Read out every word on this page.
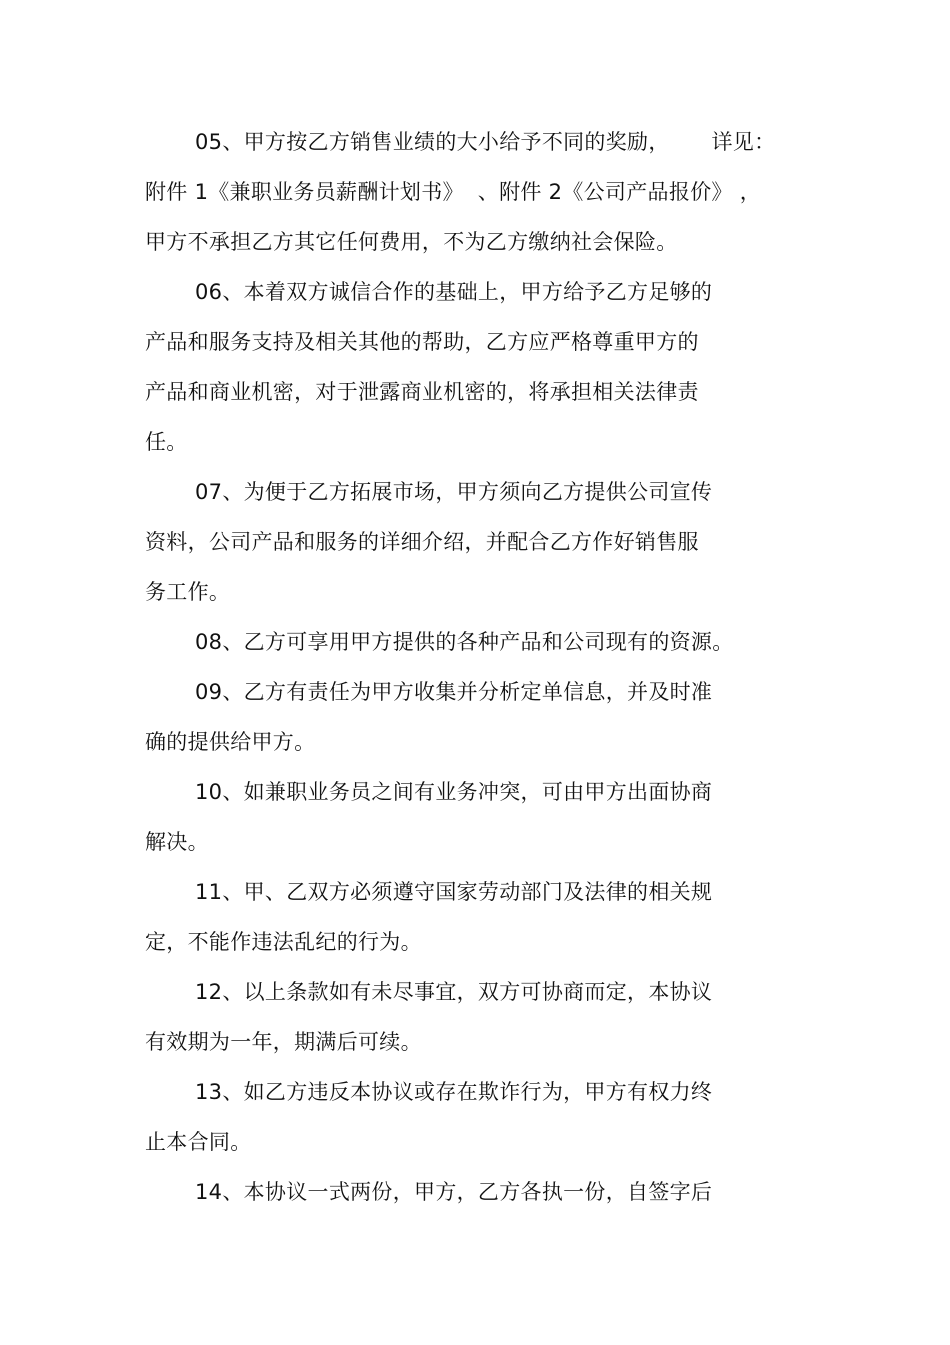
05、甲方按乙方销售业绩的大小给予不同的奖励，      详见：
附件 1《兼职业务员薪酬计划书》  、附件 2《公司产品报价》 ，
甲方不承担乙方其它任何费用，不为乙方缴纳社会保险。
06、本着双方诚信合作的基础上，甲方给予乙方足够的
产品和服务支持及相关其他的帮助，乙方应严格尊重甲方的
产品和商业机密，对于泄露商业机密的，将承担相关法律责
任。
07、为便于乙方拓展市场，甲方须向乙方提供公司宣传
资料，公司产品和服务的详细介绍，并配合乙方作好销售服
务工作。
08、乙方可享用甲方提供的各种产品和公司现有的资源。
09、乙方有责任为甲方收集并分析定单信息，并及时准
确的提供给甲方。
10、如兼职业务员之间有业务冲突，可由甲方出面协商
解决。
11、甲、乙双方必须遵守国家劳动部门及法律的相关规
定，不能作违法乱纪的行为。
12、以上条款如有未尽事宜，双方可协商而定，本协议
有效期为一年，期满后可续。
13、如乙方违反本协议或存在欺诈行为，甲方有权力终
止本合同。
14、本协议一式两份，甲方，乙方各执一份，自签字后
